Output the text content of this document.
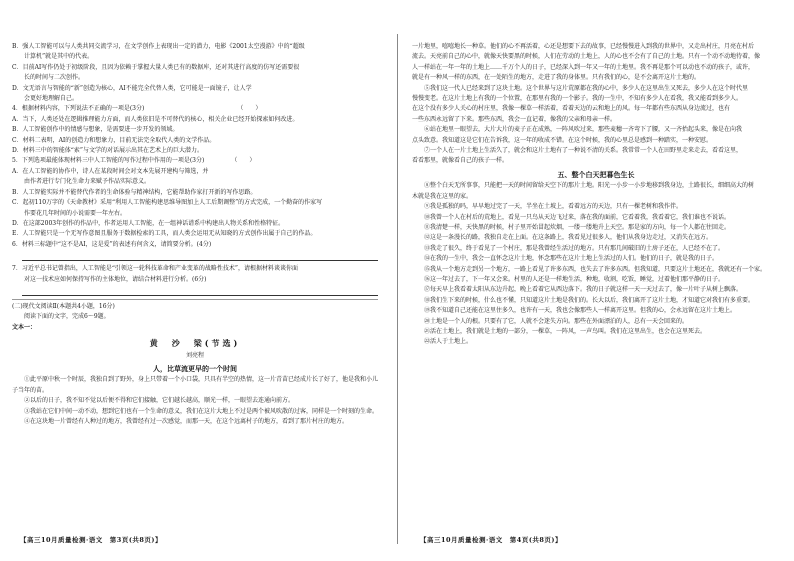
B．强人工智能可以与人类共同交流学习，在文学创作上表现出一定的潜力，电影《2001太空漫游》中的“超级

计算机”就是其中的代表。

C．目前AI写作仍处于初级阶段，且因为依赖于掌握大量人类已有的数据库，还对其进行高度的仿写还需要很

长的时间与二次创作。

D．文无语言与智能的“新”创造为核心，AI不能完全代替人类，它可能是一面镜子，让人学

会更好地理解自己。

4．根据材料内容，下列说法不正确的一项是(3分)　　　　　　　　　　　　　　　　（　　）

A．当下，人类还处在逻辑推理能力方面，而人类依旧是不可替代的核心，相关企业已经开始探索如何改进。

B．人工智能创作中的情感与想象，是需要进一步开发的领域。

C．材料二表明，AI的创造力和想象力，目前无法完全取代人类的文学作品。

D．材料三中的智能体“索”与文学的对话展示出其在艺术上的巨大潜力。

5．下列选项最能体现材料三中人工智能的写作过程中作用的一项是(3分)　　　　　（　　）

A．在人工智能的协作中，诗人在某段时间会对文本先展开建构与筛选，并

由作者进行专门化生命力来赋予作品实际意义。

B．人工智能实际并不能替代作者的生命体验与精神结构，它能帮助作家打开新的写作思路。

C．起初110万字的《天命教材》采用“利用人工智能构建思维导图加上人工后期调整”的方式完成，一个勤奋的作家写

作要花几年时间的小说需要一年左右。

D．在这部2003年创作的作品中，作者运用人工智能，在一组神话谱系中构建出人物关系和性格特征。

E．人工智能只是一个无写作意图且服务于数据检索的工具，而人类会运用无从知晓的方式创作出属于自己的作品。

6．材料三标题中“这不是AI，这是爱”的表述有何含义，请简要分析。(4分)

7．习近平总书记曾指出，人工智能是“引领这一轮科技革命和产业变革的战略性技术”，请根据材料谈谈你面

对这一技术应如何保持写作的主体地位，请结合材料进行分析。(6分)

(二)现代文阅读Ⅱ(本题共4小题，16分)

阅读下面的文字，完成6～9题。

文本一：

黄　沙　梁(节选)

刘亮程

人，比草流更早的一个时间

①此平原中秋一个时辰，我独自到了野外，身上只带着一个小口袋，只具有半空的热情，这一片青苗已经成片长了好了，他是我和小儿子当年的苗。

②以后的日子，我不知不觉以后便不得和它们接触，它们越长越高，顺光一样，一眼望去连通向前方。

③我站在它们中间一动不动，想到它们也有一个生命的意义，我们在这片大地上不过是两个被风吹散的过客，同样是一个时刻的生命。

④在这块地一片曾经有人种过的地方，我曾经有过一次感觉，而那一天，在这个远离村子的地方，看到了那片村庄的地方。

一片地里，嘻嘻地长一种草。他们的心不再活着，心还是想要下去的故事，已经慢慢进入到我的世界中，又走出村庄，月亮在村后

流去。天亮前自己的心中，就像天快要黑的时候，人们在劳动的土地上，人的心也不会有了自己的土地。只有一个动不动地待着，像

人一样站在一年一年的土地上……千万个人的日子，已经深入到一年又一年的土地里。我不再是那个可以动也不动的孩子，或许，

就是有一种风一样的东西，在一处陌生的地方，走进了我的身体里。只有我们的心，是不会离开这片土地的。

⑤我们这一代人已经来到了这块土地。这个世界与这片荒原都在我的心中，多少人在这里出生又死去，多少人在这个时代里

慢慢变老。在这片土地上有我的一个位置，在那里有我的一个影子。我的一生中，不知有多少人在看我，我又能看到多少人。

在这个没有多少人关心的村庄里，我像一棵草一样活着，看着天边的云和地上的风。每一年都有些东西从身边流过，也有

一些东西永远留了下来。那些东西，我会一直记着，像我的父亲和母亲一样。

⑥站在地里一眼望去，大片大片的麦子正在成熟，一阵风吹过来，那些麦穗一齐弯下了腰，又一齐抬起头来，像是在向我

点头致意。我知道这是它们在告诉我，这一年的收成不错。在这个时候，我的心里总是感到一种踏实，一种安慰。

⑦一个人在一片土地上生活久了，就会和这片土地有了一种说不清的关系。我常常一个人在田野里走来走去，看看这里，

看看那里，就像看自己的孩子一样。

五、整个白天把暮色生长

⑧整个白天无所事事，只能把一天的时间留给天空下的那片土地。阳光一小步一小步地移到我身边，土路很长，细细高大的树

木就是我在这里的家。

⑨我是孤独的吗，早早地过完了一天，半坐在土坡上，看着远方的天边，只有一棵老树和我作伴。

⑩我曾一个人在村后的荒地上，看见一只鸟从天边飞过来，落在我的面前，它看着我，我看着它，我们谁也不说话。

⑪我清楚一样，天快黑的时候，村子里开始冒起炊烟，一缕一缕地升上天空。那是家的方向，每一个人都在往回走。

⑫这是一条漫长的路，我独自走在上面。在这条路上，我看见过很多人，他们从我身边走过，又消失在远方。

⑬我走了很久，终于看见了一个村庄，那是我曾经生活过的地方。只有那几间破旧的土房子还在，人已经不在了。

⑭在我的一生中，我会一直怀念这片土地，怀念那些在这片土地上生活过的人们。他们的日子，就是我的日子。

⑮我从一个地方走到另一个地方，一路上看见了许多东西，也失去了许多东西。但我知道，只要这片土地还在，我就还有一个家。

⑯这一年过去了，下一年又会来。村里的人还是一样地生活，种地，收割，吃饭，睡觉，过着他们那平静的日子。

⑰每天早上我看着太阳从东边升起，晚上看着它从西边落下。我的日子就这样一天一天过去了，像一片叶子从树上飘落。

⑱我们生下来的时候，什么也不懂，只知道这片土地是我们的。长大以后，我们离开了这片土地，才知道它对我们有多重要。

⑲我不知道自己还能在这里住多久，也许有一天，我也会像那些人一样离开这里。但我的心，会永远留在这片土地上。

⑳土地是一个人的根。只要有了它，人就不会迷失方向。那些在外面漂泊的人，总有一天会回来的。

㉑活在土地上，我们就是土地的一部分，一棵草，一阵风，一声鸟叫。我们在这里出生，也会在这里死去。

㉒活人于土地上。

【高三10月质量检测·语文　第3页(共8页)】	【高三10月质量检测·语文　第4页(共8页)】
